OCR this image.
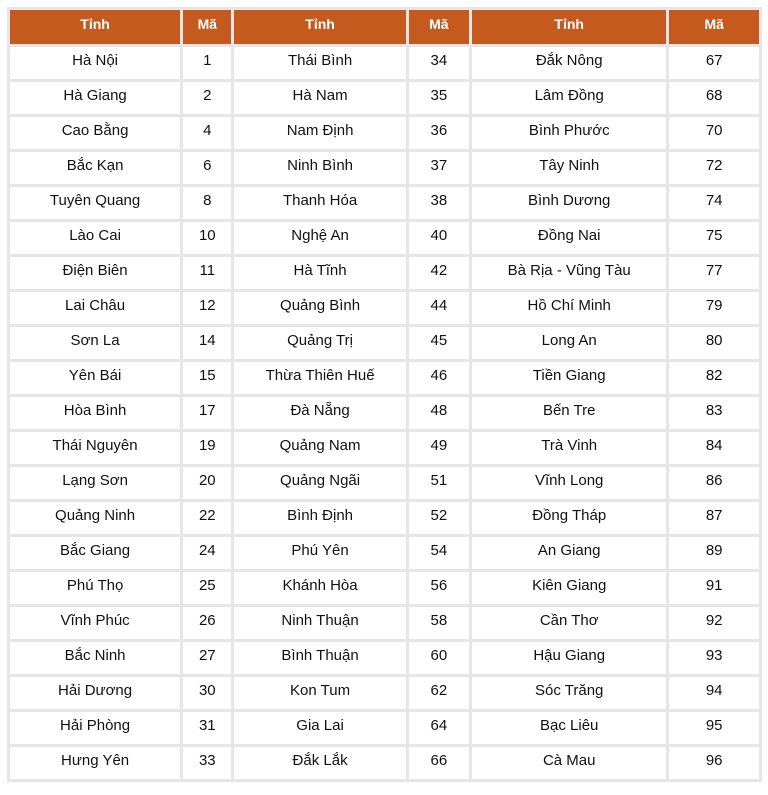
Tỉnh	Mã	Tỉnh	Mã	Tỉnh	Mã
Hà Nội	1	Thái Bình	34	Đắk Nông	67
Hà Giang	2	Hà Nam	35	Lâm Đồng	68
Cao Bằng	4	Nam Định	36	Bình Phước	70
Bắc Kạn	6	Ninh Bình	37	Tây Ninh	72
Tuyên Quang	8	Thanh Hóa	38	Bình Dương	74
Lào Cai	10	Nghệ An	40	Đồng Nai	75
Điện Biên	11	Hà Tĩnh	42	Bà Rịa - Vũng Tàu	77
Lai Châu	12	Quảng Bình	44	Hồ Chí Minh	79
Sơn La	14	Quảng Trị	45	Long An	80
Yên Bái	15	Thừa Thiên Huế	46	Tiền Giang	82
Hòa Bình	17	Đà Nẵng	48	Bến Tre	83
Thái Nguyên	19	Quảng Nam	49	Trà Vinh	84
Lạng Sơn	20	Quảng Ngãi	51	Vĩnh Long	86
Quảng Ninh	22	Bình Định	52	Đồng Tháp	87
Bắc Giang	24	Phú Yên	54	An Giang	89
Phú Thọ	25	Khánh Hòa	56	Kiên Giang	91
Vĩnh Phúc	26	Ninh Thuận	58	Cần Thơ	92
Bắc Ninh	27	Bình Thuận	60	Hậu Giang	93
Hải Dương	30	Kon Tum	62	Sóc Trăng	94
Hải Phòng	31	Gia Lai	64	Bạc Liêu	95
Hưng Yên	33	Đắk Lắk	66	Cà Mau	96
